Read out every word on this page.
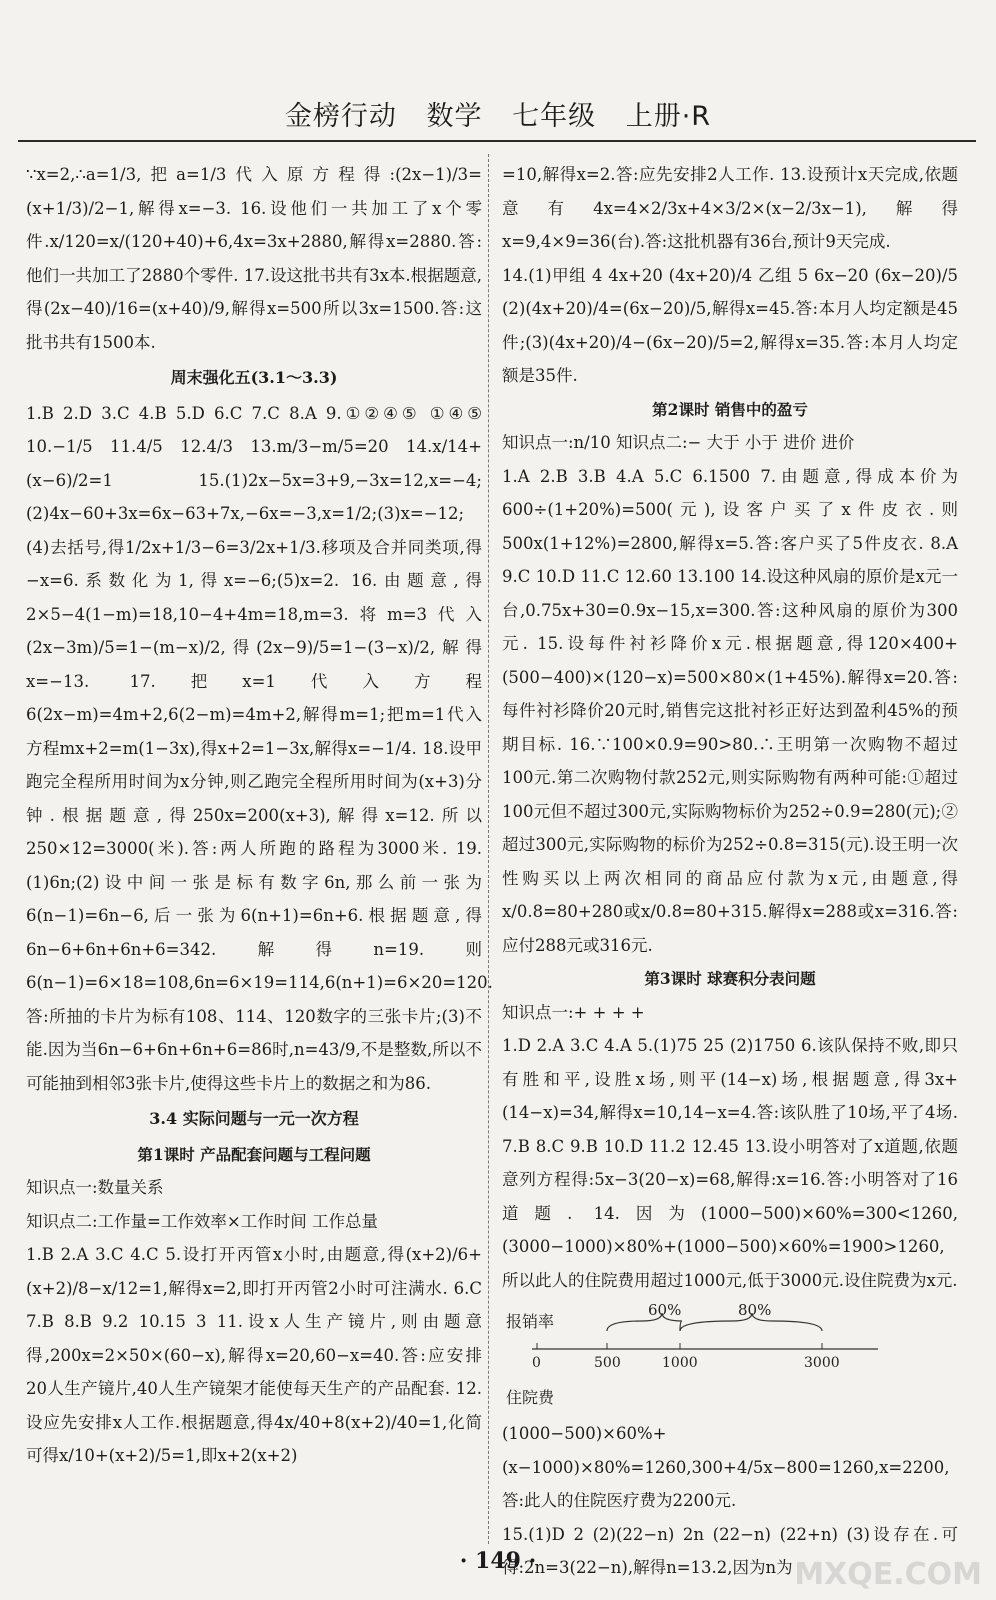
金榜行动 数学 七年级 上册·R

∵x=2,∴a=1/3,把a=1/3代入原方程得:(2x−1)/3=(x+1/3)/2−1,解得x=−3. 16.设他们一共加工了x个零件.x/120=x/(120+40)+6,4x=3x+2880,解得x=2880.答:他们一共加工了2880个零件. 17.设这批书共有3x本.根据题意,得(2x−40)/16=(x+40)/9,解得x=500所以3x=1500.答:这批书共有1500本.

周末强化五(3.1～3.3)

1.B 2.D 3.C 4.B 5.D 6.C 7.C 8.A 9.①②④⑤ ①④⑤ 10.−1/5 11.4/5 12.4/3 13.m/3−m/5=20 14.x/14+(x−6)/2=1 15.(1)2x−5x=3+9,−3x=12,x=−4;(2)4x−60+3x=6x−63+7x,−6x=−3,x=1/2;(3)x=−12;(4)去括号,得1/2x+1/3−6=3/2x+1/3.移项及合并同类项,得−x=6.系数化为1,得x=−6;(5)x=2. 16.由题意,得2×5−4(1−m)=18,10−4+4m=18,m=3.将m=3代入(2x−3m)/5=1−(m−x)/2,得(2x−9)/5=1−(3−x)/2,解得x=−13. 17.把x=1代入方程6(2x−m)=4m+2,6(2−m)=4m+2,解得m=1;把m=1代入方程mx+2=m(1−3x),得x+2=1−3x,解得x=−1/4. 18.设甲跑完全程所用时间为x分钟,则乙跑完全程所用时间为(x+3)分钟.根据题意,得250x=200(x+3),解得x=12.所以250×12=3000(米).答:两人所跑的路程为3000米. 19.(1)6n;(2)设中间一张是标有数字6n,那么前一张为6(n−1)=6n−6,后一张为6(n+1)=6n+6.根据题意,得6n−6+6n+6n+6=342.解得n=19.则6(n−1)=6×18=108,6n=6×19=114,6(n+1)=6×20=120.答:所抽的卡片为标有108、114、120数字的三张卡片;(3)不能.因为当6n−6+6n+6n+6=86时,n=43/9,不是整数,所以不可能抽到相邻3张卡片,使得这些卡片上的数据之和为86.

3.4 实际问题与一元一次方程

第1课时 产品配套问题与工程问题

知识点一:数量关系

知识点二:工作量=工作效率×工作时间 工作总量

1.B 2.A 3.C 4.C 5.设打开丙管x小时,由题意,得(x+2)/6+(x+2)/8−x/12=1,解得x=2,即打开丙管2小时可注满水. 6.C 7.B 8.B 9.2 10.15 3 11.设x人生产镜片,则由题意得,200x=2×50×(60−x),解得x=20,60−x=40.答:应安排20人生产镜片,40人生产镜架才能使每天生产的产品配套. 12.设应先安排x人工作.根据题意,得4x/40+8(x+2)/40=1,化简可得x/10+(x+2)/5=1,即x+2(x+2)

=10,解得x=2.答:应先安排2人工作. 13.设预计x天完成,依题意有4x=4×2/3x+4×3/2×(x−2/3x−1),解得x=9,4×9=36(台).答:这批机器有36台,预计9天完成.

14.(1)甲组 4 4x+20 (4x+20)/4 乙组 5 6x−20 (6x−20)/5 (2)(4x+20)/4=(6x−20)/5,解得x=45.答:本月人均定额是45件;(3)(4x+20)/4−(6x−20)/5=2,解得x=35.答:本月人均定额是35件.

第2课时 销售中的盈亏

知识点一:n/10 知识点二:− 大于 小于 进价 进价

1.A 2.B 3.B 4.A 5.C 6.1500 7.由题意,得成本价为600÷(1+20%)=500(元),设客户买了x件皮衣.则500x(1+12%)=2800,解得x=5.答:客户买了5件皮衣. 8.A 9.C 10.D 11.C 12.60 13.100 14.设这种风扇的原价是x元一台,0.75x+30=0.9x−15,x=300.答:这种风扇的原价为300元. 15.设每件衬衫降价x元.根据题意,得120×400+(500−400)×(120−x)=500×80×(1+45%).解得x=20.答:每件衬衫降价20元时,销售完这批衬衫正好达到盈利45%的预期目标. 16.∵100×0.9=90>80.∴王明第一次购物不超过100元.第二次购物付款252元,则实际购物有两种可能:①超过100元但不超过300元,实际购物标价为252÷0.9=280(元);②超过300元,实际购物的标价为252÷0.8=315(元).设王明一次性购买以上两次相同的商品应付款为x元,由题意,得x/0.8=80+280或x/0.8=80+315.解得x=288或x=316.答:应付288元或316元.

第3课时 球赛积分表问题

知识点一:+ + + +

1.D 2.A 3.C 4.A 5.(1)75 25 (2)1750 6.该队保持不败,即只有胜和平,设胜x场,则平(14−x)场,根据题意,得3x+(14−x)=34,解得x=10,14−x=4.答:该队胜了10场,平了4场. 7.B 8.C 9.B 10.D 11.2 12.45 13.设小明答对了x道题,依题意列方程得:5x−3(20−x)=68,解得:x=16.答:小明答对了16道题. 14.因为(1000−500)×60%=300<1260,(3000−1000)×80%+(1000−500)×60%=1900>1260,所以此人的住院费用超过1000元,低于3000元.设住院费为x元.

报销率
住院费
60%	80%
0	500	1000	3000

(1000−500)×60%+(x−1000)×80%=1260,300+4/5x−800=1260,x=2200,答:此人的住院医疗费为2200元.

15.(1)D 2 (2)(22−n) 2n (22−n) (22+n) (3)设存在.可得:2n=3(22−n),解得n=13.2,因为n为

· 149 ·	MXQE.COM
